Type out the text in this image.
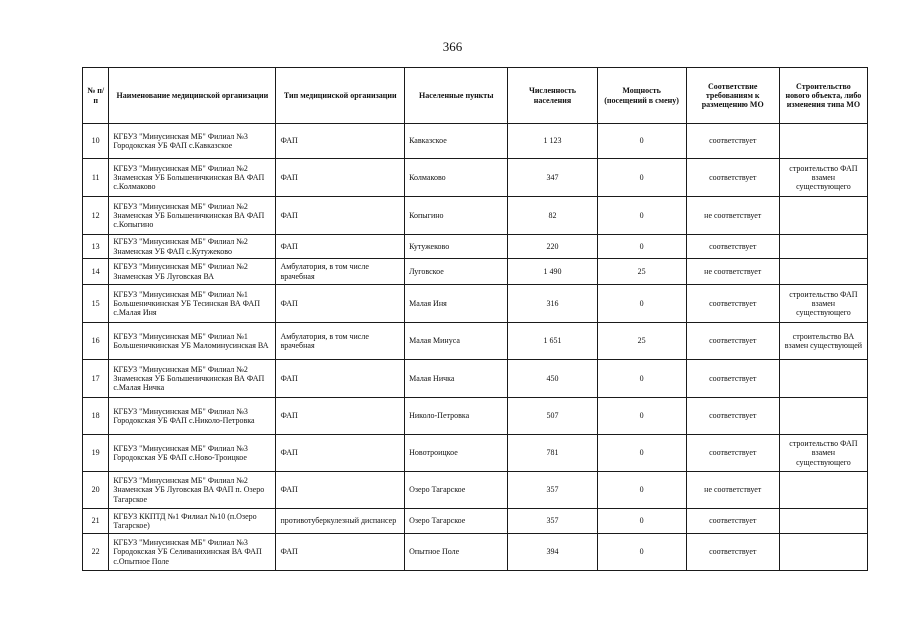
366
№ п/п	Наименование медицинской организации	Тип медицинской организации	Населенные пункты	Численность населения	Мощность (посещений в смену)	Соответствие требованиям к размещению МО	Строительство нового объекта, либо изменения типа МО
10	КГБУЗ "Минусинская МБ" Филиал №3 Городокская УБ ФАП с.Кавказское	ФАП	Кавказское	1 123	0	соответствует	
11	КГБУЗ "Минусинская МБ" Филиал №2 Знаменская УБ Большеничкинская ВА ФАП с.Колмаково	ФАП	Колмаково	347	0	соответствует	строительство ФАП взамен существующего
12	КГБУЗ "Минусинская МБ" Филиал №2 Знаменская УБ Большеничкинская ВА ФАП с.Копыгино	ФАП	Копыгино	82	0	не соответствует	
13	КГБУЗ "Минусинская МБ" Филиал №2 Знаменская УБ ФАП с.Кутужеково	ФАП	Кутужеково	220	0	соответствует	
14	КГБУЗ "Минусинская МБ" Филиал №2 Знаменская УБ Луговская ВА	Амбулатория, в том числе врачебная	Луговское	1 490	25	не соответствует	
15	КГБУЗ "Минусинская МБ" Филиал №1 Большеничкинская УБ Тесинская ВА ФАП с.Малая Иня	ФАП	Малая Иня	316	0	соответствует	строительство ФАП взамен существующего
16	КГБУЗ "Минусинская МБ" Филиал №1 Большеничкинская УБ Маломинусинская ВА	Амбулатория, в том числе врачебная	Малая Минуса	1 651	25	соответствует	строительство ВА взамен существующей
17	КГБУЗ "Минусинская МБ" Филиал №2 Знаменская УБ Большеничкинская ВА ФАП с.Малая Ничка	ФАП	Малая Ничка	450	0	соответствует	
18	КГБУЗ "Минусинская МБ" Филиал №3 Городокская УБ ФАП с.Николо-Петровка	ФАП	Николо-Петровка	507	0	соответствует	
19	КГБУЗ "Минусинская МБ" Филиал №3 Городокская УБ ФАП с.Ново-Троицкое	ФАП	Новотроицкое	781	0	соответствует	строительство ФАП взамен существующего
20	КГБУЗ "Минусинская МБ" Филиал №2 Знаменская УБ Луговская ВА ФАП п. Озеро Тагарское	ФАП	Озеро Тагарское	357	0	не соответствует	
21	КГБУЗ ККПТД №1 Филиал №10 (п.Озеро Тагарское)	противотуберкулезный диспансер	Озеро Тагарское	357	0	соответствует	
22	КГБУЗ "Минусинская МБ" Филиал №3 Городокская УБ Селиванихинская ВА ФАП с.Опытное Поле	ФАП	Опытное Поле	394	0	соответствует	
